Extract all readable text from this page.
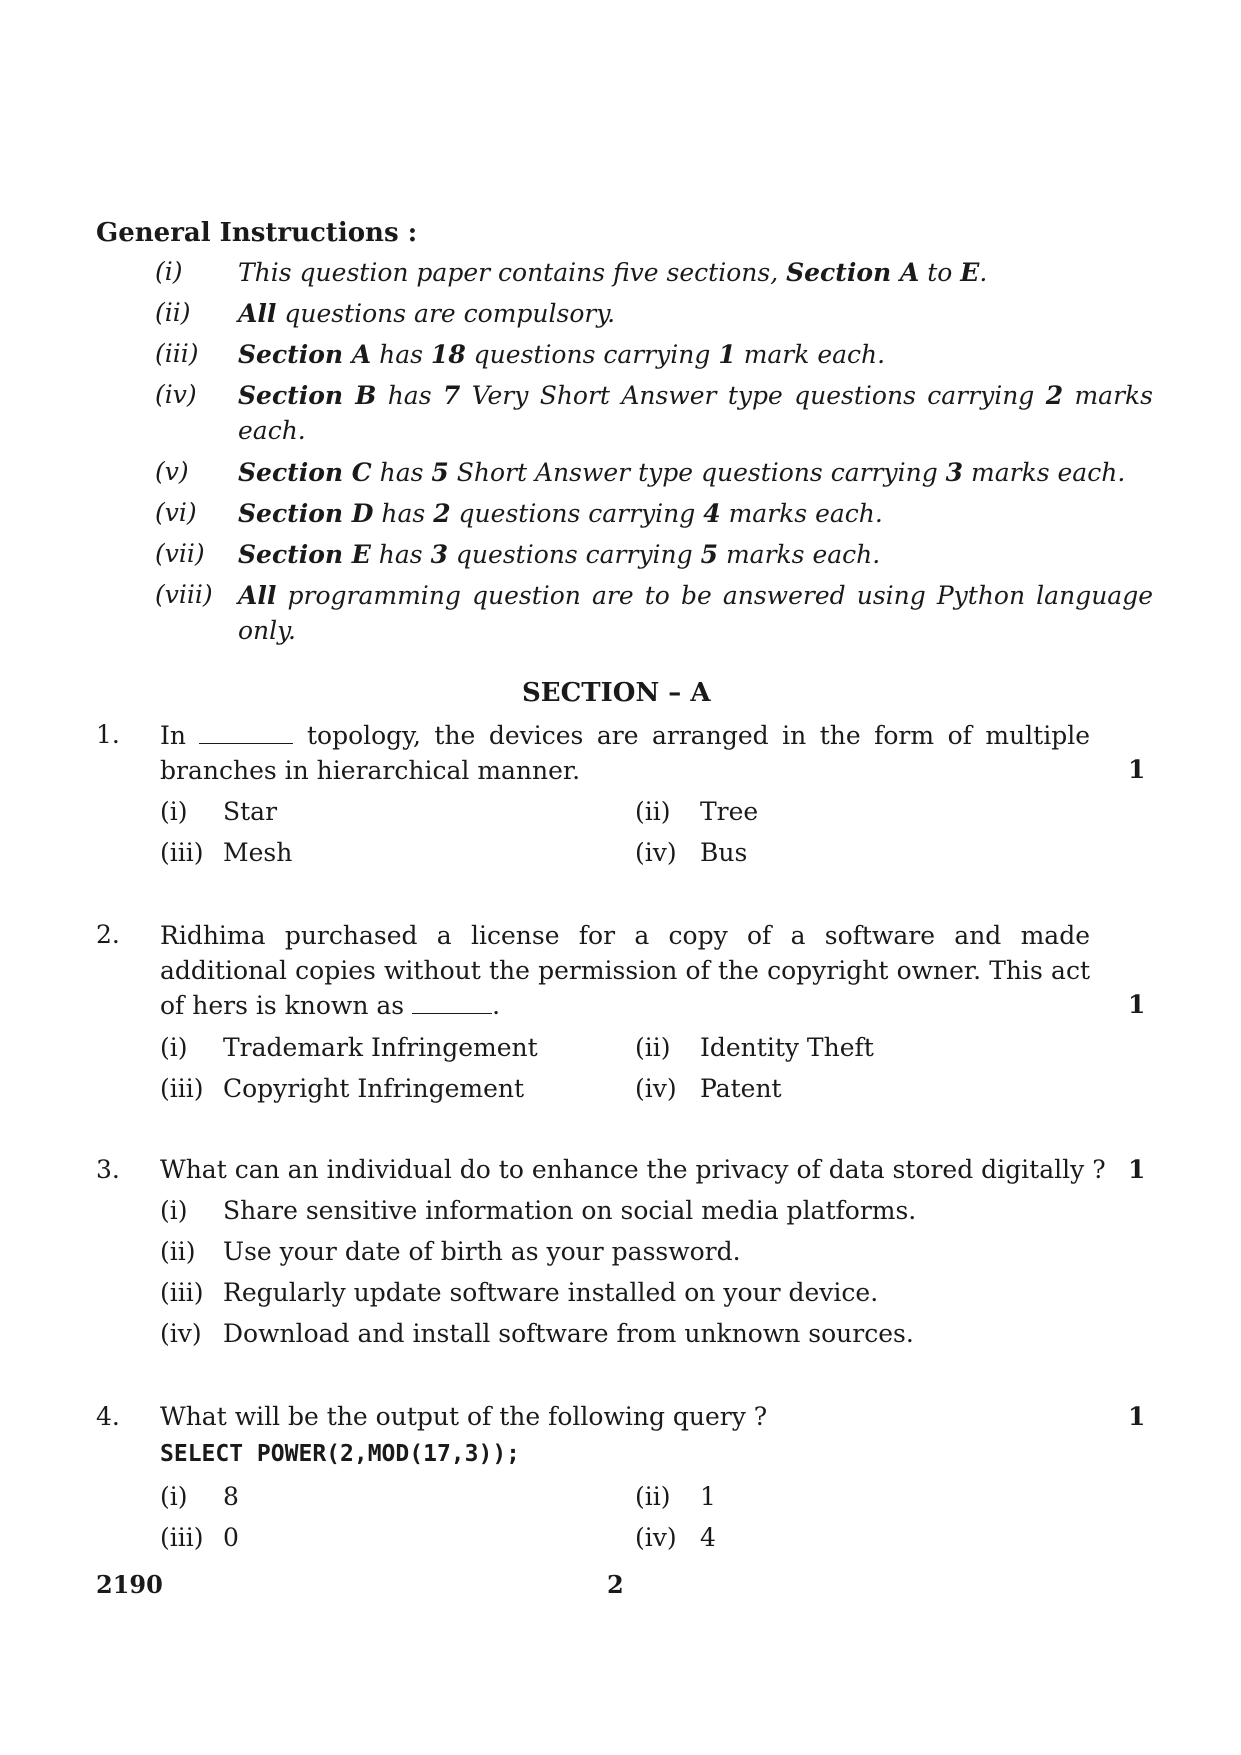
General Instructions :
(i) This question paper contains five sections, Section A to E.
(ii) All questions are compulsory.
(iii) Section A has 18 questions carrying 1 mark each.
(iv) Section B has 7 Very Short Answer type questions carrying 2 marks each.
(v) Section C has 5 Short Answer type questions carrying 3 marks each.
(vi) Section D has 2 questions carrying 4 marks each.
(vii) Section E has 3 questions carrying 5 marks each.
(viii) All programming question are to be answered using Python language only.
SECTION – A
1. In	topology, the devices are arranged in the form of multiple branches in hierarchical manner.	1
(i) Star	(ii) Tree
(iii) Mesh	(iv) Bus
2. Ridhima purchased a license for a copy of a software and made additional copies without the permission of the copyright owner. This act of hers is known as	.	1
(i) Trademark Infringement	(ii) Identity Theft
(iii) Copyright Infringement	(iv) Patent
3. What can an individual do to enhance the privacy of data stored digitally ? 1
(i) Share sensitive information on social media platforms.
(ii) Use your date of birth as your password.
(iii) Regularly update software installed on your device.
(iv) Download and install software from unknown sources.
4. What will be the output of the following query ?	1
SELECT POWER(2,MOD(17,3));
(i) 8	(ii) 1
(iii) 0	(iv) 4
2190	2
